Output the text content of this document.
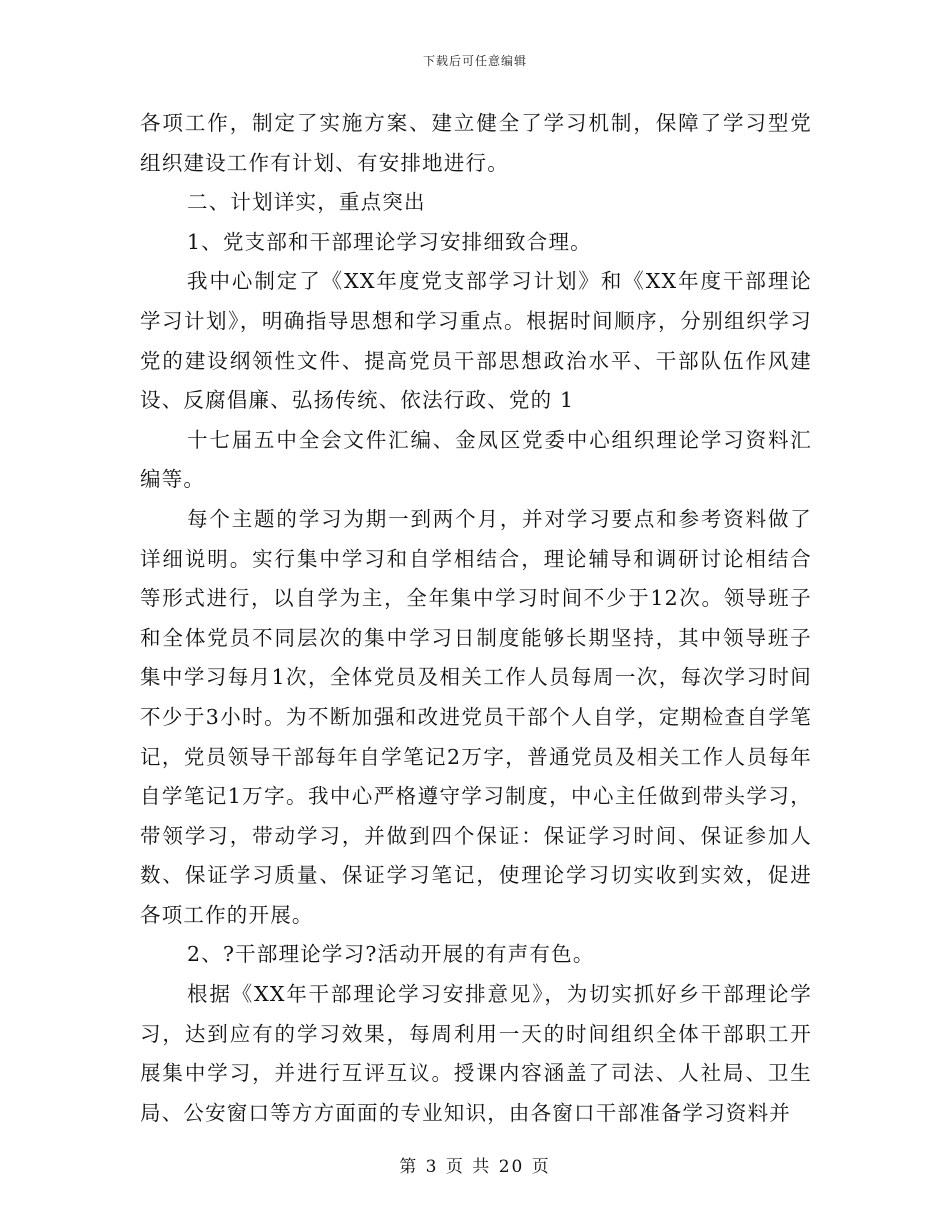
下载后可任意编辑

各项工作，制定了实施方案、建立健全了学习机制，保障了学习型党组织建设工作有计划、有安排地进行。

二、计划详实，重点突出

1、党支部和干部理论学习安排细致合理。

我中心制定了《XX年度党支部学习计划》和《XX年度干部理论学习计划》，明确指导思想和学习重点。根据时间顺序，分别组织学习党的建设纲领性文件、提高党员干部思想政治水平、干部队伍作风建设、反腐倡廉、弘扬传统、依法行政、党的 1

十七届五中全会文件汇编、金凤区党委中心组织理论学习资料汇编等。

每个主题的学习为期一到两个月，并对学习要点和参考资料做了详细说明。实行集中学习和自学相结合，理论辅导和调研讨论相结合等形式进行，以自学为主，全年集中学习时间不少于12次。领导班子和全体党员不同层次的集中学习日制度能够长期坚持，其中领导班子集中学习每月1次，全体党员及相关工作人员每周一次，每次学习时间不少于3小时。为不断加强和改进党员干部个人自学，定期检查自学笔记，党员领导干部每年自学笔记2万字，普通党员及相关工作人员每年自学笔记1万字。我中心严格遵守学习制度，中心主任做到带头学习，带领学习，带动学习，并做到四个保证：保证学习时间、保证参加人数、保证学习质量、保证学习笔记，使理论学习切实收到实效，促进各项工作的开展。

2、?干部理论学习?活动开展的有声有色。

根据《XX年干部理论学习安排意见》，为切实抓好乡干部理论学习，达到应有的学习效果，每周利用一天的时间组织全体干部职工开展集中学习，并进行互评互议。授课内容涵盖了司法、人社局、卫生局、公安窗口等方方面面的专业知识，由各窗口干部准备学习资料并

第 3 页 共 20 页
